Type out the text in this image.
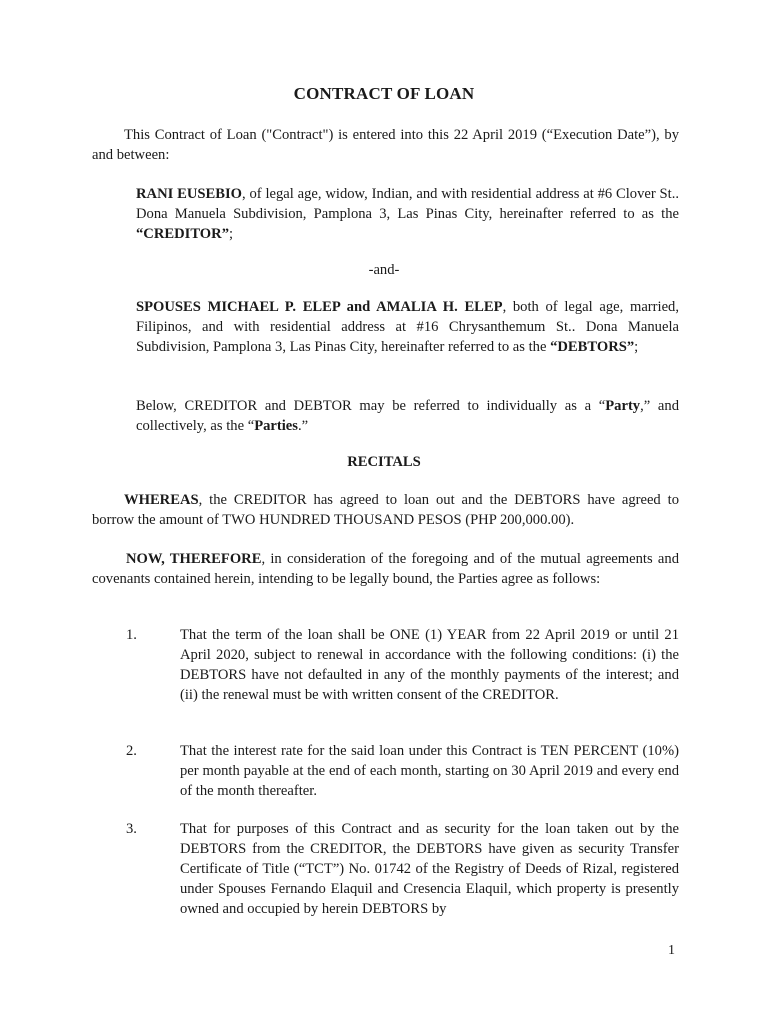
CONTRACT OF LOAN

This Contract of Loan ("Contract") is entered into this 22 April 2019 (“Execution Date”), by and between:

RANI EUSEBIO, of legal age, widow, Indian, and with residential address at #6 Clover St.. Dona Manuela Subdivision, Pamplona 3, Las Pinas City, hereinafter referred to as the “CREDITOR”;

-and-

SPOUSES MICHAEL P. ELEP and AMALIA H. ELEP, both of legal age, married, Filipinos, and with residential address at #16 Chrysanthemum St.. Dona Manuela Subdivision, Pamplona 3, Las Pinas City, hereinafter referred to as the “DEBTORS”;

Below, CREDITOR and DEBTOR may be referred to individually as a “Party,” and collectively, as the “Parties.”

RECITALS

WHEREAS, the CREDITOR has agreed to loan out and the DEBTORS have agreed to borrow the amount of TWO HUNDRED THOUSAND PESOS (PHP 200,000.00).

NOW, THEREFORE, in consideration of the foregoing and of the mutual agreements and covenants contained herein, intending to be legally bound, the Parties agree as follows:

1.	That the term of the loan shall be ONE (1) YEAR from 22 April 2019 or until 21 April 2020, subject to renewal in accordance with the following conditions: (i) the DEBTORS have not defaulted in any of the monthly payments of the interest; and (ii) the renewal must be with written consent of the CREDITOR.

2.	That the interest rate for the said loan under this Contract is TEN PERCENT (10%) per month payable at the end of each month, starting on 30 April 2019 and every end of the month thereafter.

3.	That for purposes of this Contract and as security for the loan taken out by the DEBTORS from the CREDITOR, the DEBTORS have given as security Transfer Certificate of Title (“TCT”) No. 01742 of the Registry of Deeds of Rizal, registered under Spouses Fernando Elaquil and Cresencia Elaquil, which property is presently owned and occupied by herein DEBTORS by

1
